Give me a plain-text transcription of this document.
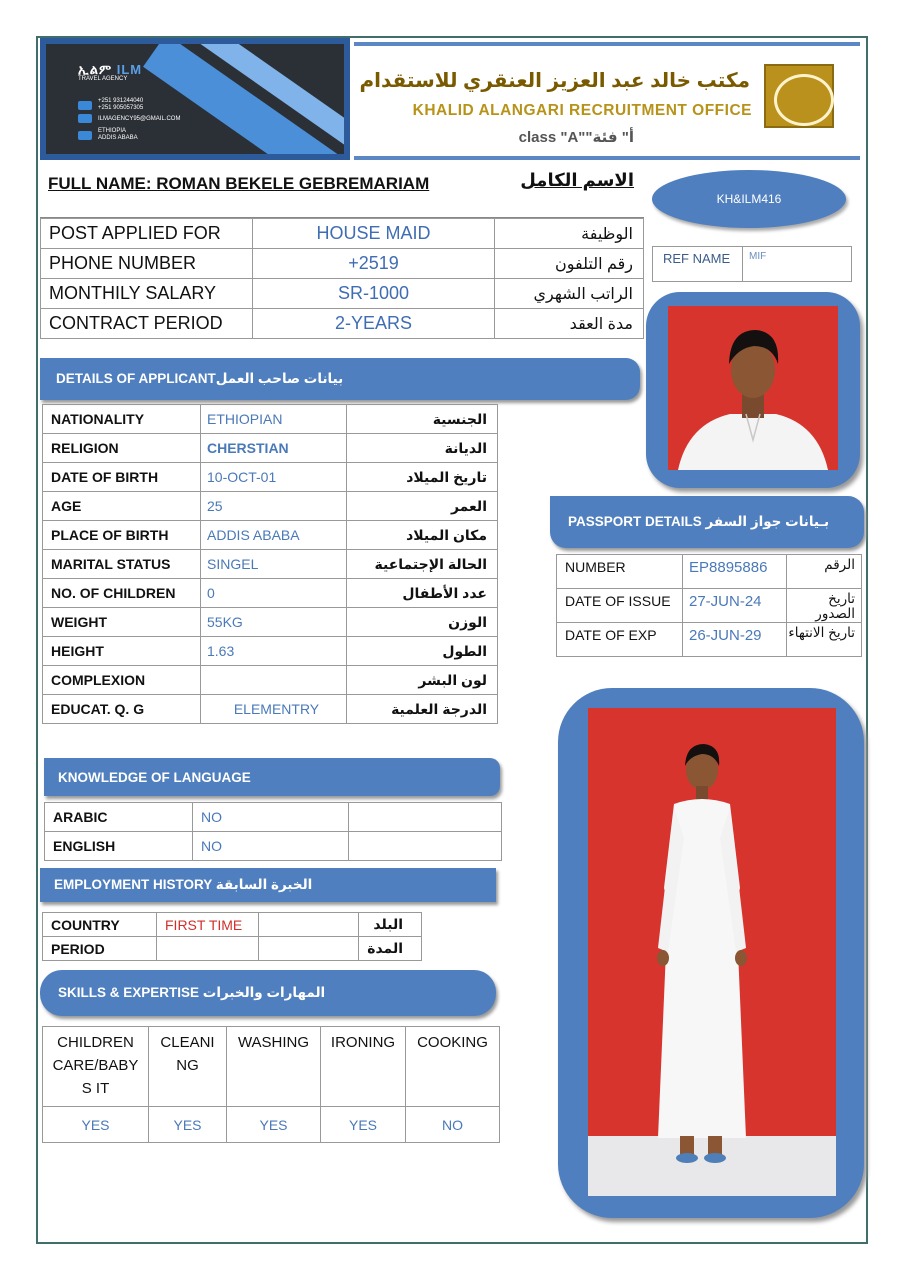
ኢልም ILM
TRAVEL AGENCY
+251 931244040
+251 905057305
ILMAGENCY95@GMAIL.COM
ETHIOPIA
ADDIS ABABA
مكتب خالد عبد العزيز العنقري للاستقدام
KHALID ALANGARI RECRUITMENT OFFICE
class "A""أ" فئة
FULL NAME: ROMAN BEKELE GEBREMARIAM	الاسم الكامل
KH&ILM416
REF NAME	MIF
POST APPLIED FOR	HOUSE MAID	الوظيفة
PHONE NUMBER	+2519	رقم التلفون
MONTHILY SALARY	SR-1000	الراتب الشهري
CONTRACT PERIOD	2-YEARS	مدة العقد
DETAILS OF APPLICANTبيانات صاحب العمل
NATIONALITY	ETHIOPIAN	الجنسية
RELIGION	CHERSTIAN	الديانة
DATE OF BIRTH	10-OCT-01	تاريخ الميلاد
AGE	25	العمر
PLACE OF BIRTH	ADDIS ABABA	مكان الميلاد
MARITAL STATUS	SINGEL	الحالة الإجتماعية
NO. OF CHILDREN	0	عدد الأطفال
WEIGHT	55KG	الوزن
HEIGHT	1.63	الطول
COMPLEXION		لون البشر
EDUCAT. Q. G	ELEMENTRY	الدرجة العلمية
KNOWLEDGE OF LANGUAGE
ARABIC	NO	
ENGLISH	NO	
EMPLOYMENT HISTORY الخبرة السابقة
COUNTRY	FIRST TIME		البلد
PERIOD			المدة
SKILLS & EXPERTISE المهارات والخبرات
CHILDREN CARE/BABYS IT	CLEANI NG	WASHING	IRONING	COOKING
YES	YES	YES	YES	NO
PASSPORT DETAILS بـيانات جواز السفر
NUMBER	EP8895886	الرقم
DATE OF ISSUE	27-JUN-24	تاريخ الصدور
DATE OF EXP	26-JUN-29	تاريخ الانتهاء
